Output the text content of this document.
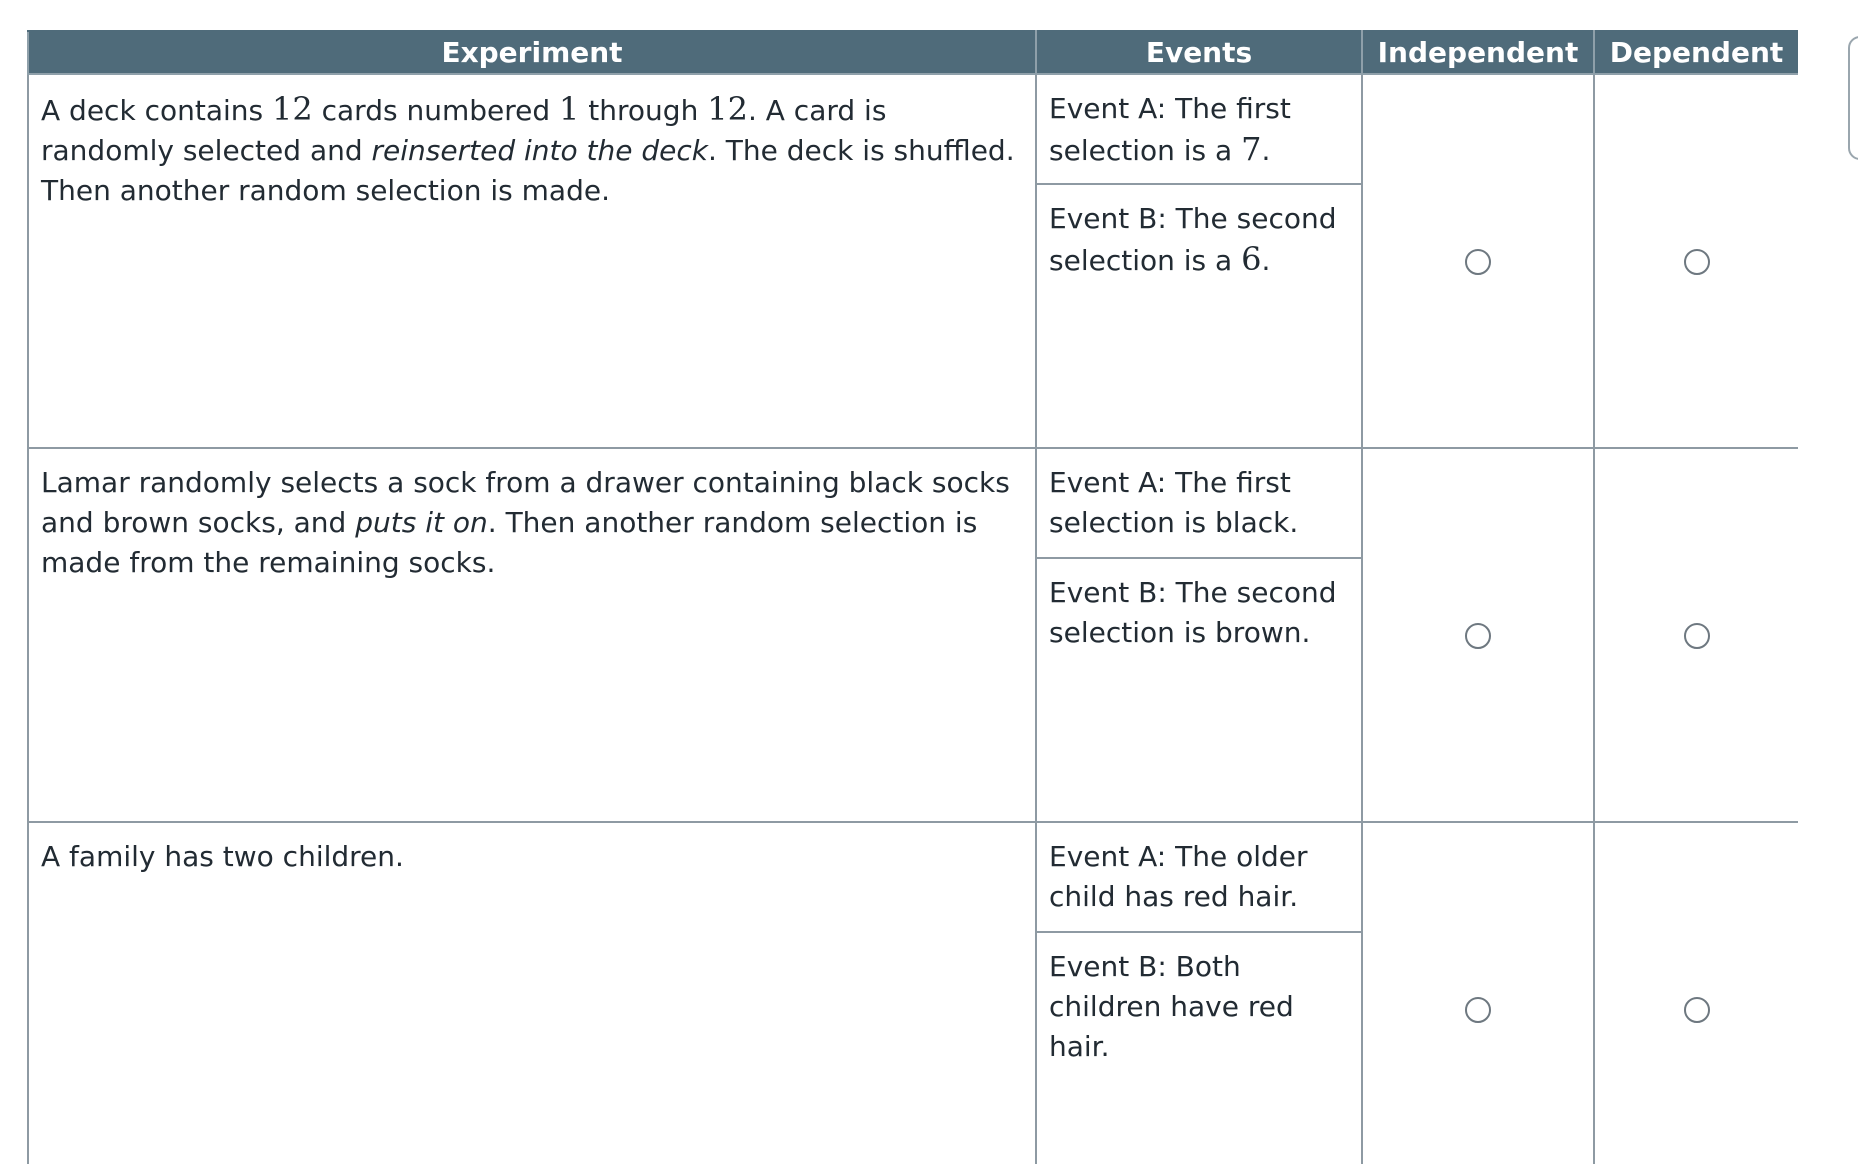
Experiment	Events	Independent	Dependent
A deck contains 12 cards numbered 1 through 12. A card is randomly selected and reinserted into the deck. The deck is shuffled. Then another random selection is made.	Event A: The first selection is a 7.
Event B: The second selection is a 6.		

Lamar randomly selects a sock from a drawer containing black socks and brown socks, and puts it on. Then another random selection is made from the remaining socks.	Event A: The first selection is black.
Event B: The second selection is brown.		

A family has two children.	Event A: The older child has red hair.
Event B: Both children have red hair.		
